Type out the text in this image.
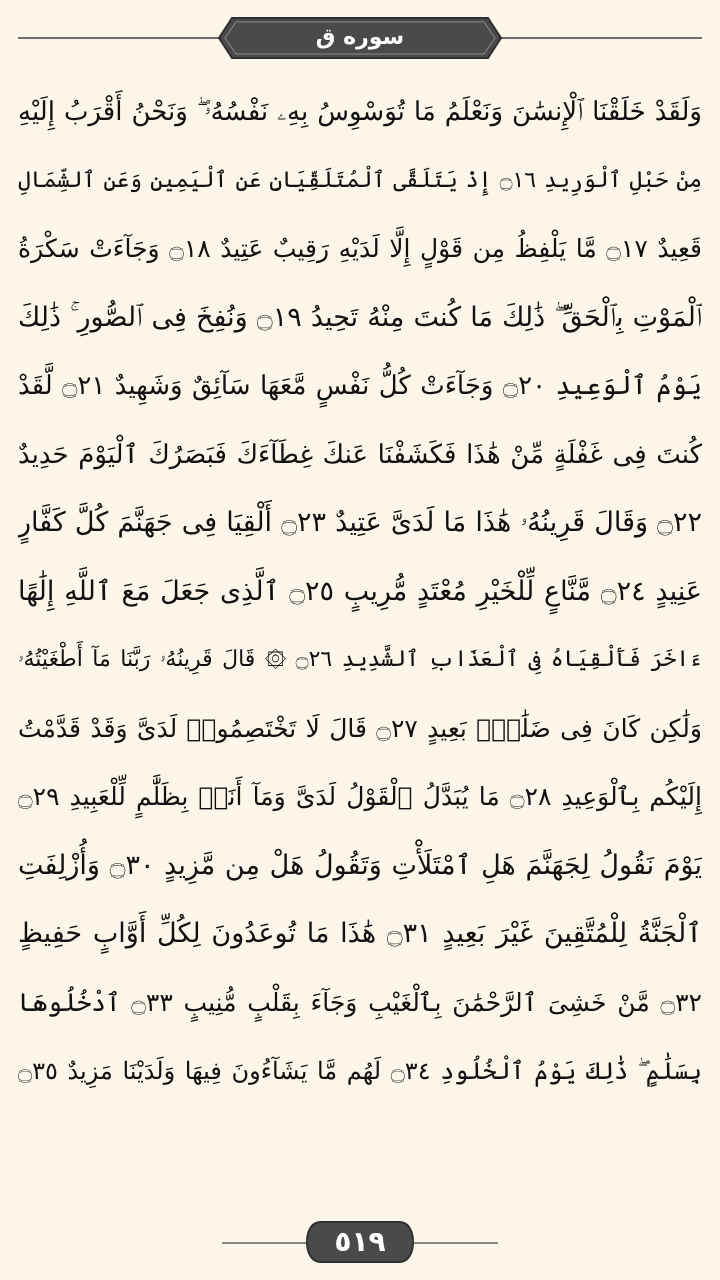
سوره ق
وَلَقَدْ خَلَقْنَا ٱلْإِنسَٰنَ وَنَعْلَمُ مَا تُوَسْوِسُ بِهِۦ نَفْسُهُۥ ۖ وَنَحْنُ أَقْرَبُ إِلَيْهِ
مِنْ حَبْلِ ٱلْوَرِيدِ ۝١٦ إِذْ يَتَلَقَّى ٱلْمُتَلَقِّيَانِ عَنِ ٱلْيَمِينِ وَعَنِ ٱلشِّمَالِ
قَعِيدٌ ۝١٧ مَّا يَلْفِظُ مِن قَوْلٍ إِلَّا لَدَيْهِ رَقِيبٌ عَتِيدٌ ۝١٨ وَجَآءَتْ سَكْرَةُ
ٱلْمَوْتِ بِٱلْحَقِّ ۖ ذَٰلِكَ مَا كُنتَ مِنْهُ تَحِيدُ ۝١٩ وَنُفِخَ فِى ٱلصُّورِ ۚ ذَٰلِكَ
يَوْمُ ٱلْوَعِيدِ ۝٢٠ وَجَآءَتْ كُلُّ نَفْسٍ مَّعَهَا سَآئِقٌ وَشَهِيدٌ ۝٢١ لَّقَدْ
كُنتَ فِى غَفْلَةٍ مِّنْ هَٰذَا فَكَشَفْنَا عَنكَ غِطَآءَكَ فَبَصَرُكَ ٱلْيَوْمَ حَدِيدٌ
۝٢٢ وَقَالَ قَرِينُهُۥ هَٰذَا مَا لَدَىَّ عَتِيدٌ ۝٢٣ أَلْقِيَا فِى جَهَنَّمَ كُلَّ كَفَّارٍ
عَنِيدٍ ۝٢٤ مَّنَّاعٍ لِّلْخَيْرِ مُعْتَدٍ مُّرِيبٍ ۝٢٥ ٱلَّذِى جَعَلَ مَعَ ٱللَّهِ إِلَٰهًا
ءَاخَرَ فَأَلْقِيَاهُ فِى ٱلْعَذَابِ ٱلشَّدِيدِ ۝٢٦ ۞ قَالَ قَرِينُهُۥ رَبَّنَا مَآ أَطْغَيْتُهُۥ
وَلَٰكِن كَانَ فِى ضَلَٰلٍۭ بَعِيدٍ ۝٢٧ قَالَ لَا تَخْتَصِمُوا۟ لَدَىَّ وَقَدْ قَدَّمْتُ
إِلَيْكُم بِٱلْوَعِيدِ ۝٢٨ مَا يُبَدَّلُ ٱلْقَوْلُ لَدَىَّ وَمَآ أَنَا۠ بِظَلَّٰمٍ لِّلْعَبِيدِ ۝٢٩
يَوْمَ نَقُولُ لِجَهَنَّمَ هَلِ ٱمْتَلَأْتِ وَتَقُولُ هَلْ مِن مَّزِيدٍ ۝٣٠ وَأُزْلِفَتِ
ٱلْجَنَّةُ لِلْمُتَّقِينَ غَيْرَ بَعِيدٍ ۝٣١ هَٰذَا مَا تُوعَدُونَ لِكُلِّ أَوَّابٍ حَفِيظٍ
۝٣٢ مَّنْ خَشِىَ ٱلرَّحْمَٰنَ بِٱلْغَيْبِ وَجَآءَ بِقَلْبٍ مُّنِيبٍ ۝٣٣ ٱدْخُلُوهَا
بِسَلَٰمٍ ۖ ذَٰلِكَ يَوْمُ ٱلْخُلُودِ ۝٣٤ لَهُم مَّا يَشَآءُونَ فِيهَا وَلَدَيْنَا مَزِيدٌ ۝٣٥
٥١٩
